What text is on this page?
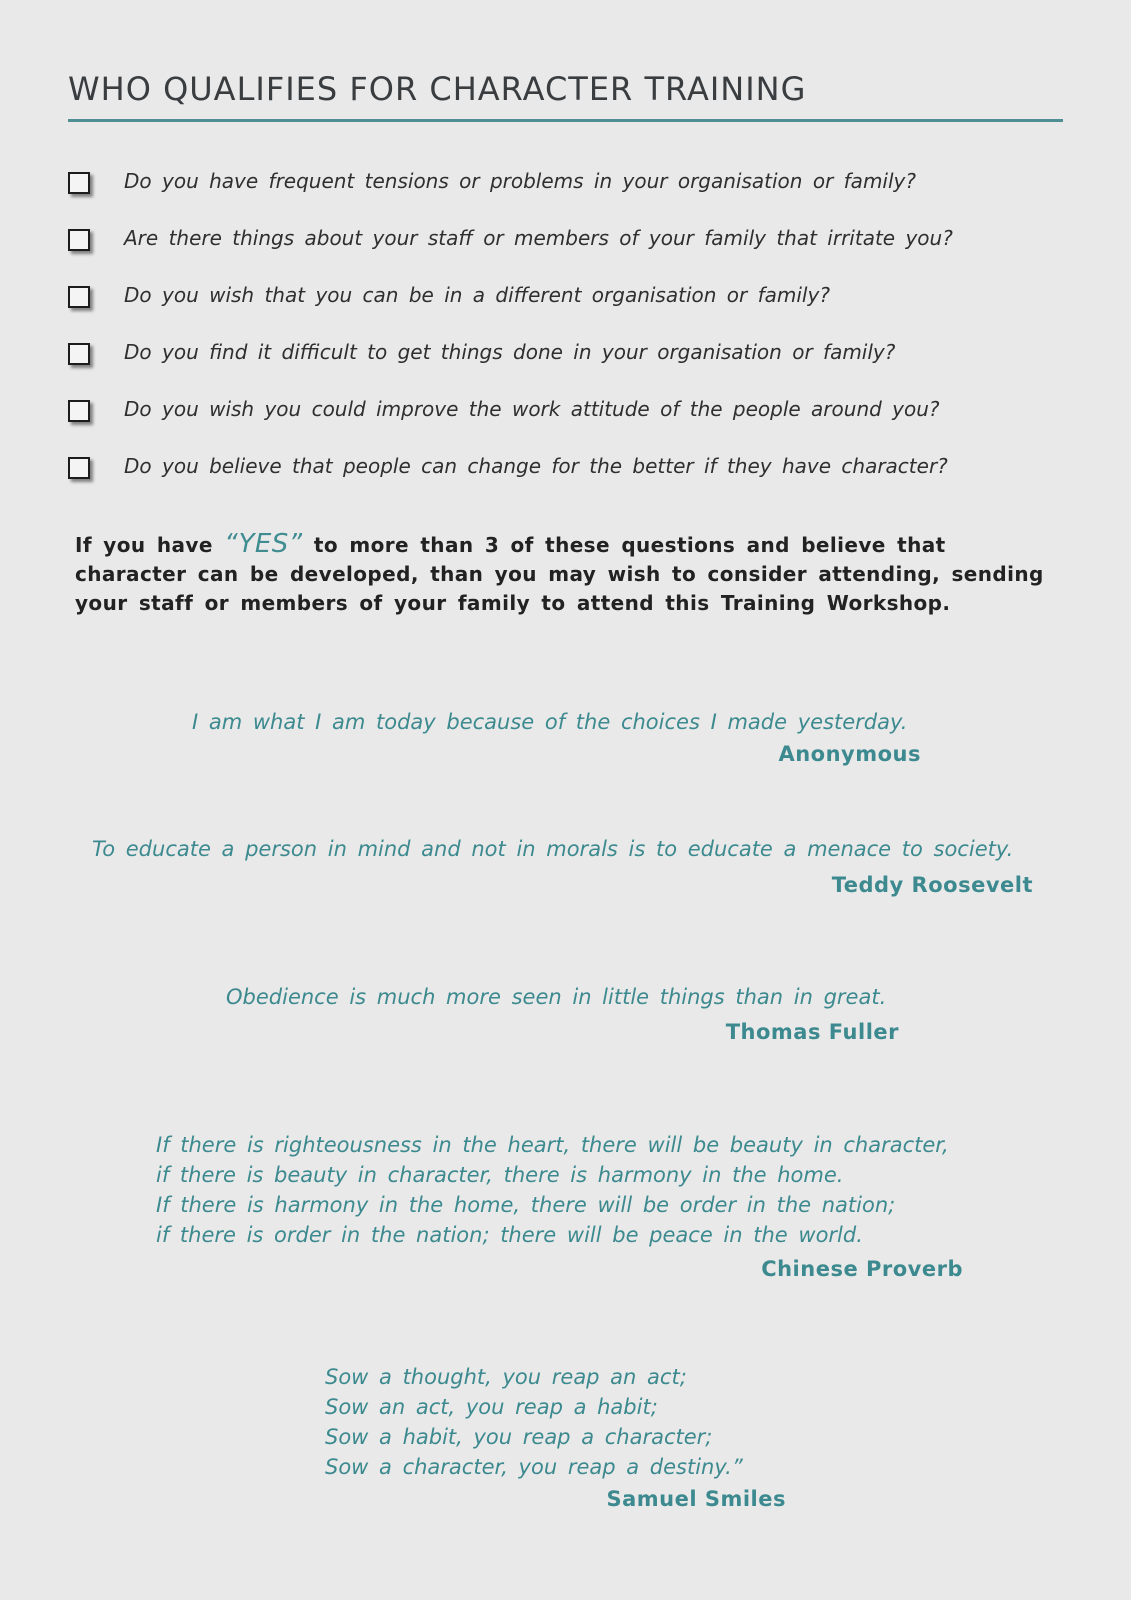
WHO QUALIFIES FOR CHARACTER TRAINING
Do you have frequent tensions or problems in your organisation or family?
Are there things about your staff or members of your family that irritate you?
Do you wish that you can be in a different organisation or family?
Do you find it difficult to get things done in your organisation or family?
Do you wish you could improve the work attitude of the people around you?
Do you believe that people can change for the better if they have character?

If you have “YES” to more than 3 of these questions and believe that character can be developed, than you may wish to consider attending, sending your staff or members of your family to attend this Training Workshop.

I am what I am today because of the choices I made yesterday.
Anonymous
To educate a person in mind and not in morals is to educate a menace to society.
Teddy Roosevelt
Obedience is much more seen in little things than in great.
Thomas Fuller
If there is righteousness in the heart, there will be beauty in character,
if there is beauty in character, there is harmony in the home.
If there is harmony in the home, there will be order in the nation;
if there is order in the nation; there will be peace in the world.
Chinese Proverb
Sow a thought, you reap an act;
Sow an act, you reap a habit;
Sow a habit, you reap a character;
Sow a character, you reap a destiny.”
Samuel Smiles
